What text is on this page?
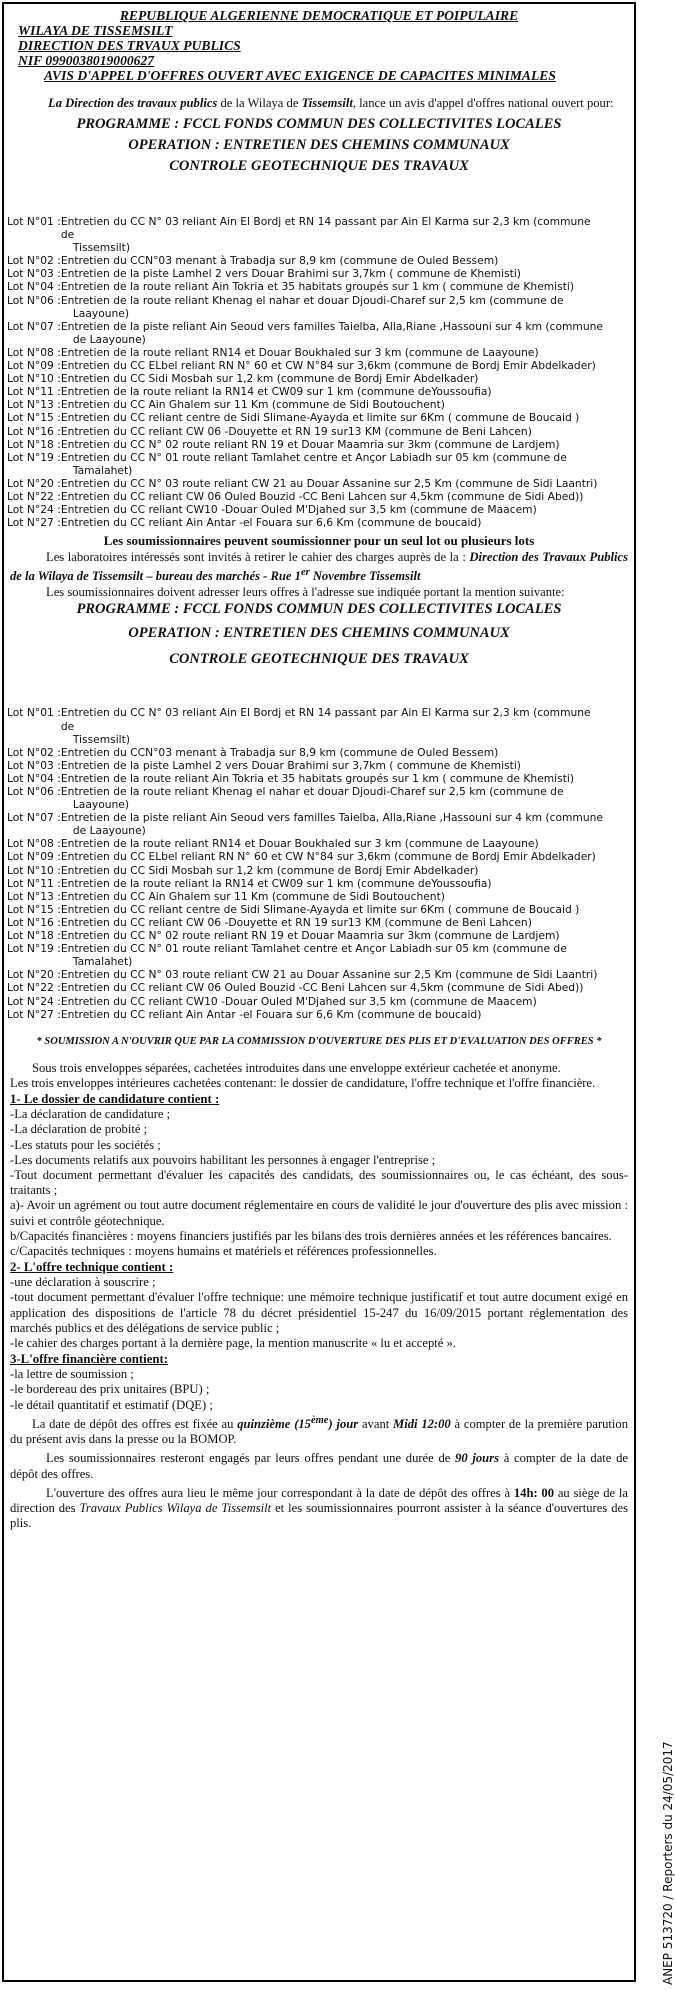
REPUBLIQUE ALGERIENNE DEMOCRATIQUE ET POIPULAIRE
WILAYA DE TISSEMSILT
DIRECTION DES TRVAUX PUBLICS
NIF 0990038019000627
AVIS D'APPEL D'OFFRES OUVERT AVEC EXIGENCE DE CAPACITES MINIMALES

La Direction des travaux publics de la Wilaya de Tissemsilt, lance un avis d'appel d'offres national ouvert pour:

PROGRAMME : FCCL FONDS COMMUN DES COLLECTIVITES LOCALES
OPERATION : ENTRETIEN DES CHEMINS COMMUNAUX
CONTROLE GEOTECHNIQUE DES TRAVAUX
Lot N°01 : Entretien du CC N° 03 reliant Ain El Bordj et RN 14 passant par Ain El Karma sur 2,3 km (commune de
Tissemsilt)
Lot N°02 : Entretien du CCN°03 menant à Trabadja sur 8,9 km (commune de Ouled Bessem)
Lot N°03 : Entretien de la piste Lamhel 2 vers Douar Brahimi sur 3,7km ( commune de Khemisti)
Lot N°04 : Entretien de la route reliant Ain Tokria et 35 habitats groupés sur 1 km ( commune de Khemisti)
Lot N°06 : Entretien de la route reliant Khenag el nahar et douar Djoudi-Charef sur 2,5 km (commune de
Laayoune)
Lot N°07 : Entretien de la piste reliant Ain Seoud vers familles Taielba, Alla,Riane ,Hassouni sur 4 km (commune
de Laayoune)
Lot N°08 : Entretien de la route reliant RN14 et Douar Boukhaled sur 3 km (commune de Laayoune)
Lot N°09 : Entretien du CC ELbel reliant RN N° 60 et CW N°84 sur 3,6km (commune de Bordj Emir Abdelkader)
Lot N°10 : Entretien du CC Sidi Mosbah sur 1,2 km (commune de Bordj Emir Abdelkader)
Lot N°11 : Entretien de la route reliant la RN14 et CW09 sur 1 km (commune deYoussoufia)
Lot N°13 : Entretien du CC Ain Ghalem sur 11 Km (commune de Sidi Boutouchent)
Lot N°15 : Entretien du CC reliant centre de Sidi Slimane-Ayayda et limite sur 6Km ( commune de Boucaid )
Lot N°16 : Entretien du CC reliant CW 06 -Douyette et RN 19 sur13 KM (commune de Beni Lahcen)
Lot N°18 : Entretien du CC N° 02 route reliant RN 19 et Douar Maamria sur 3km (commune de Lardjem)
Lot N°19 : Entretien du CC N° 01 route reliant Tamlahet centre et Ançor Labiadh sur 05 km (commune de
Tamalahet)
Lot N°20 : Entretien du CC N° 03 route reliant CW 21 au Douar Assanine sur 2,5 Km (commune de Sidi Laantri)
Lot N°22 : Entretien du CC reliant CW 06 Ouled Bouzid -CC Beni Lahcen sur 4,5km (commune de Sidi Abed))
Lot N°24 : Entretien du CC reliant CW10 -Douar Ouled M'Djahed sur 3,5 km (commune de Maacem)
Lot N°27 : Entretien du CC reliant Ain Antar -el Fouara sur 6,6 Km (commune de boucaid)
Les soumissionnaires peuvent soumissionner pour un seul lot ou plusieurs lots

Les laboratoires intéressés sont invités à retirer le cahier des charges auprès de la : Direction des Travaux Publics de la Wilaya de Tissemsilt – bureau des marchés - Rue 1er Novembre Tissemsilt

Les soumissionnaires doivent adresser leurs offres à l'adresse sue indiquée portant la mention suivante:

PROGRAMME : FCCL FONDS COMMUN DES COLLECTIVITES LOCALES
OPERATION : ENTRETIEN DES CHEMINS COMMUNAUX
CONTROLE GEOTECHNIQUE DES TRAVAUX
Lot N°01 : Entretien du CC N° 03 reliant Ain El Bordj et RN 14 passant par Ain El Karma sur 2,3 km (commune de
Tissemsilt)
Lot N°02 : Entretien du CCN°03 menant à Trabadja sur 8,9 km (commune de Ouled Bessem)
Lot N°03 : Entretien de la piste Lamhel 2 vers Douar Brahimi sur 3,7km ( commune de Khemisti)
Lot N°04 : Entretien de la route reliant Ain Tokria et 35 habitats groupés sur 1 km ( commune de Khemisti)
Lot N°06 : Entretien de la route reliant Khenag el nahar et douar Djoudi-Charef sur 2,5 km (commune de
Laayoune)
Lot N°07 : Entretien de la piste reliant Ain Seoud vers familles Taielba, Alla,Riane ,Hassouni sur 4 km (commune
de Laayoune)
Lot N°08 : Entretien de la route reliant RN14 et Douar Boukhaled sur 3 km (commune de Laayoune)
Lot N°09 : Entretien du CC ELbel reliant RN N° 60 et CW N°84 sur 3,6km (commune de Bordj Emir Abdelkader)
Lot N°10 : Entretien du CC Sidi Mosbah sur 1,2 km (commune de Bordj Emir Abdelkader)
Lot N°11 : Entretien de la route reliant la RN14 et CW09 sur 1 km (commune deYoussoufia)
Lot N°13 : Entretien du CC Ain Ghalem sur 11 Km (commune de Sidi Boutouchent)
Lot N°15 : Entretien du CC reliant centre de Sidi Slimane-Ayayda et limite sur 6Km ( commune de Boucaid )
Lot N°16 : Entretien du CC reliant CW 06 -Douyette et RN 19 sur13 KM (commune de Beni Lahcen)
Lot N°18 : Entretien du CC N° 02 route reliant RN 19 et Douar Maamria sur 3km (commune de Lardjem)
Lot N°19 : Entretien du CC N° 01 route reliant Tamlahet centre et Ançor Labiadh sur 05 km (commune de
Tamalahet)
Lot N°20 : Entretien du CC N° 03 route reliant CW 21 au Douar Assanine sur 2,5 Km (commune de Sidi Laantri)
Lot N°22 : Entretien du CC reliant CW 06 Ouled Bouzid -CC Beni Lahcen sur 4,5km (commune de Sidi Abed))
Lot N°24 : Entretien du CC reliant CW10 -Douar Ouled M'Djahed sur 3,5 km (commune de Maacem)
Lot N°27 : Entretien du CC reliant Ain Antar -el Fouara sur 6,6 Km (commune de boucaid)
* SOUMISSION A N'OUVRIR QUE PAR LA COMMISSION D'OUVERTURE DES PLIS ET D'EVALUATION DES OFFRES *

Sous trois enveloppes séparées, cachetées introduites dans une enveloppe extérieur cachetée et anonyme.

Les trois enveloppes intérieures cachetées contenant: le dossier de candidature, l'offre technique et l'offre financière.

1- Le dossier de candidature contient :

-La déclaration de candidature ;

-La déclaration de probité ;

-Les statuts pour les sociétés ;

-Les documents relatifs aux pouvoirs habilitant les personnes à engager l'entreprise ;

-Tout document permettant d'évaluer les capacités des candidats, des soumissionnaires ou, le cas échéant, des sous-traitants ;

a)- Avoir un agrément ou tout autre document réglementaire en cours de validité le jour d'ouverture des plis avec mission : suivi et contrôle géotechnique.

b/Capacités financières : moyens financiers justifiés par les bilans des trois dernières années et les références bancaires.

c/Capacités techniques : moyens humains et matériels et références professionnelles.

2- L'offre technique contient :

-une déclaration à souscrire ;

-tout document permettant d'évaluer l'offre technique: une mémoire technique justificatif et tout autre document exigé en application des dispositions de l'article 78 du décret présidentiel 15-247 du 16/09/2015 portant réglementation des marchés publics et des délégations de service public ;

-le cahier des charges portant à la dernière page, la mention manuscrite « lu et accepté ».

3-L'offre financière contient:

-la lettre de soumission ;

-le bordereau des prix unitaires (BPU) ;

-le détail quantitatif et estimatif (DQE) ;

La date de dépôt des offres est fixée au quinzième (15ème) jour avant Midi 12:00 à compter de la première parution du présent avis dans la presse ou la BOMOP.

Les soumissionnaires resteront engagés par leurs offres pendant une durée de 90 jours à compter de la date de dépôt des offres.

L'ouverture des offres aura lieu le même jour correspondant à la date de dépôt des offres à 14h: 00 au siège de la direction des Travaux Publics Wilaya de Tissemsilt et les soumissionnaires pourront assister à la séance d'ouvertures des plis.

ANEP 513720 / Reporters du 24/05/2017
